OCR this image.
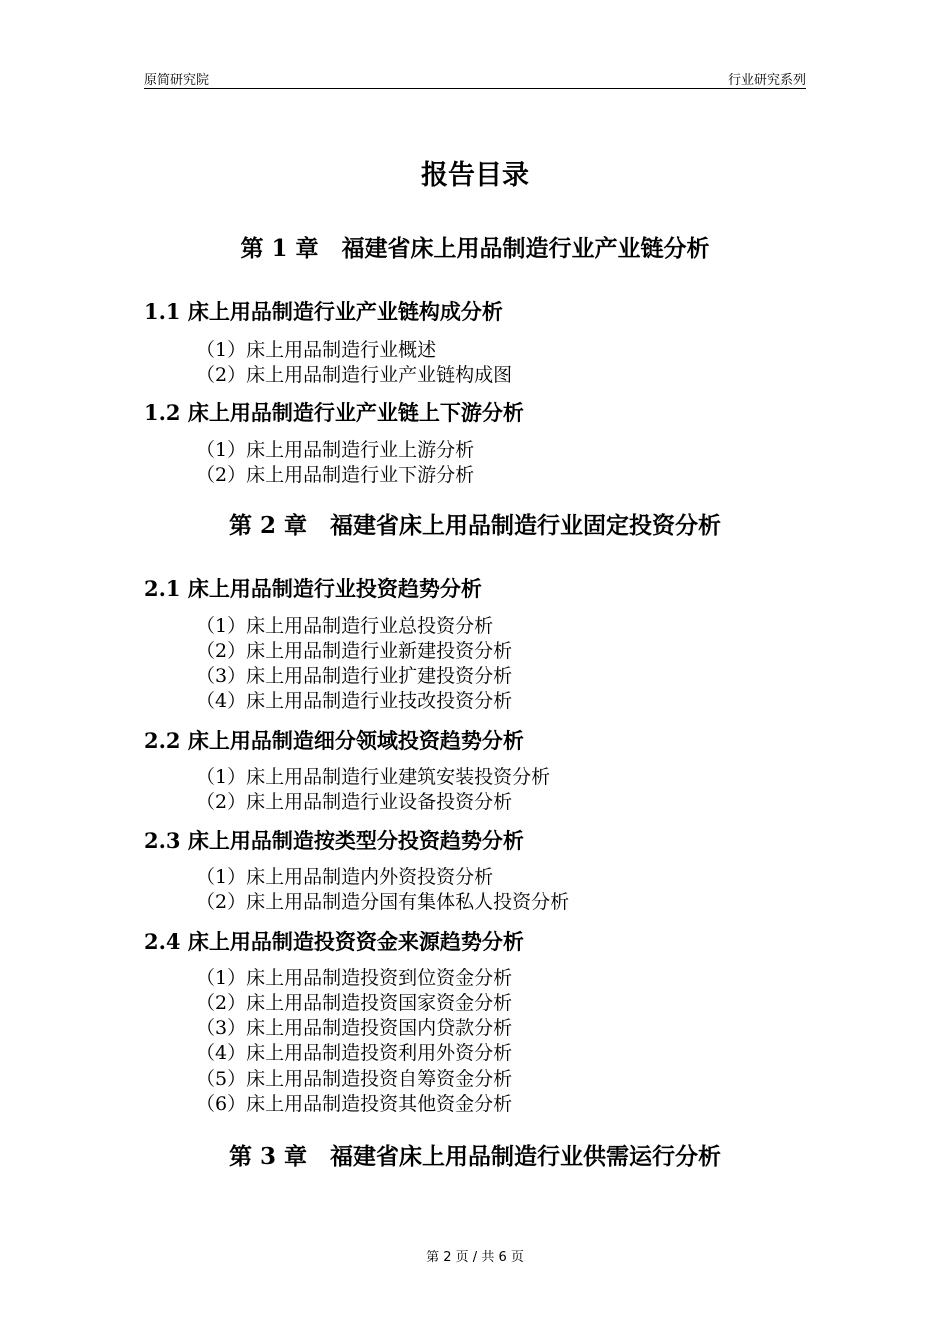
原简研究院	行业研究系列
报告目录
第 1 章　福建省床上用品制造行业产业链分析
1.1 床上用品制造行业产业链构成分析
（1）床上用品制造行业概述
（2）床上用品制造行业产业链构成图
1.2 床上用品制造行业产业链上下游分析
（1）床上用品制造行业上游分析
（2）床上用品制造行业下游分析
第 2 章　福建省床上用品制造行业固定投资分析
2.1 床上用品制造行业投资趋势分析
（1）床上用品制造行业总投资分析
（2）床上用品制造行业新建投资分析
（3）床上用品制造行业扩建投资分析
（4）床上用品制造行业技改投资分析
2.2 床上用品制造细分领域投资趋势分析
（1）床上用品制造行业建筑安装投资分析
（2）床上用品制造行业设备投资分析
2.3 床上用品制造按类型分投资趋势分析
（1）床上用品制造内外资投资分析
（2）床上用品制造分国有集体私人投资分析
2.4 床上用品制造投资资金来源趋势分析
（1）床上用品制造投资到位资金分析
（2）床上用品制造投资国家资金分析
（3）床上用品制造投资国内贷款分析
（4）床上用品制造投资利用外资分析
（5）床上用品制造投资自筹资金分析
（6）床上用品制造投资其他资金分析
第 3 章　福建省床上用品制造行业供需运行分析
第 2 页 / 共 6 页
